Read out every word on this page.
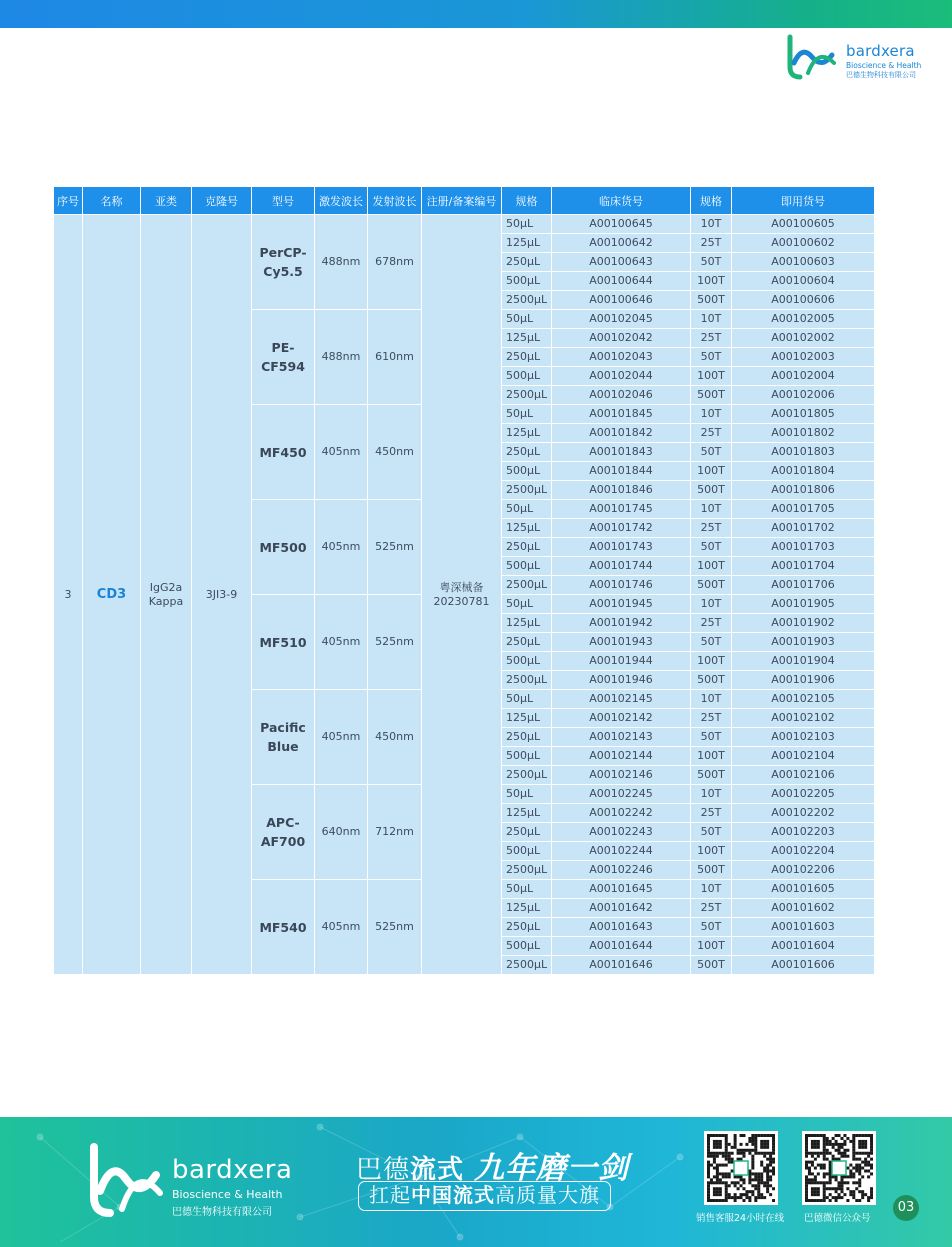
bardxera
Bioscience & Health
巴德生物科技有限公司
序号	名称	亚类	克隆号	型号	激发波长	发射波长	注册/备案编号	规格	临床货号	规格	即用货号
3	CD3	IgG2a Kappa	3JI3-9	PerCP-Cy5.5	488nm	678nm	粤深械备 20230781	50μL	A00100645	10T	A00100605
								125μL	A00100642	25T	A00100602
								250μL	A00100643	50T	A00100603
								500μL	A00100644	100T	A00100604
								2500μL	A00100646	500T	A00100606
				PE-CF594	488nm	610nm		50μL	A00102045	10T	A00102005
								125μL	A00102042	25T	A00102002
								250μL	A00102043	50T	A00102003
								500μL	A00102044	100T	A00102004
								2500μL	A00102046	500T	A00102006
				MF450	405nm	450nm		50μL	A00101845	10T	A00101805
								125μL	A00101842	25T	A00101802
								250μL	A00101843	50T	A00101803
								500μL	A00101844	100T	A00101804
								2500μL	A00101846	500T	A00101806
				MF500	405nm	525nm		50μL	A00101745	10T	A00101705
								125μL	A00101742	25T	A00101702
								250μL	A00101743	50T	A00101703
								500μL	A00101744	100T	A00101704
								2500μL	A00101746	500T	A00101706
				MF510	405nm	525nm		50μL	A00101945	10T	A00101905
								125μL	A00101942	25T	A00101902
								250μL	A00101943	50T	A00101903
								500μL	A00101944	100T	A00101904
								2500μL	A00101946	500T	A00101906
				Pacific Blue	405nm	450nm		50μL	A00102145	10T	A00102105
								125μL	A00102142	25T	A00102102
								250μL	A00102143	50T	A00102103
								500μL	A00102144	100T	A00102104
								2500μL	A00102146	500T	A00102106
				APC-AF700	640nm	712nm		50μL	A00102245	10T	A00102205
								125μL	A00102242	25T	A00102202
								250μL	A00102243	50T	A00102203
								500μL	A00102244	100T	A00102204
								2500μL	A00102246	500T	A00102206
				MF540	405nm	525nm		50μL	A00101645	10T	A00101605
								125μL	A00101642	25T	A00101602
								250μL	A00101643	50T	A00101603
								500μL	A00101644	100T	A00101604
								2500μL	A00101646	500T	A00101606
bardxera
Bioscience & Health
巴德生物科技有限公司
巴德流式 九年磨一剑
扛起中国流式高质量大旗
销售客服24小时在线 巴德微信公众号
03
